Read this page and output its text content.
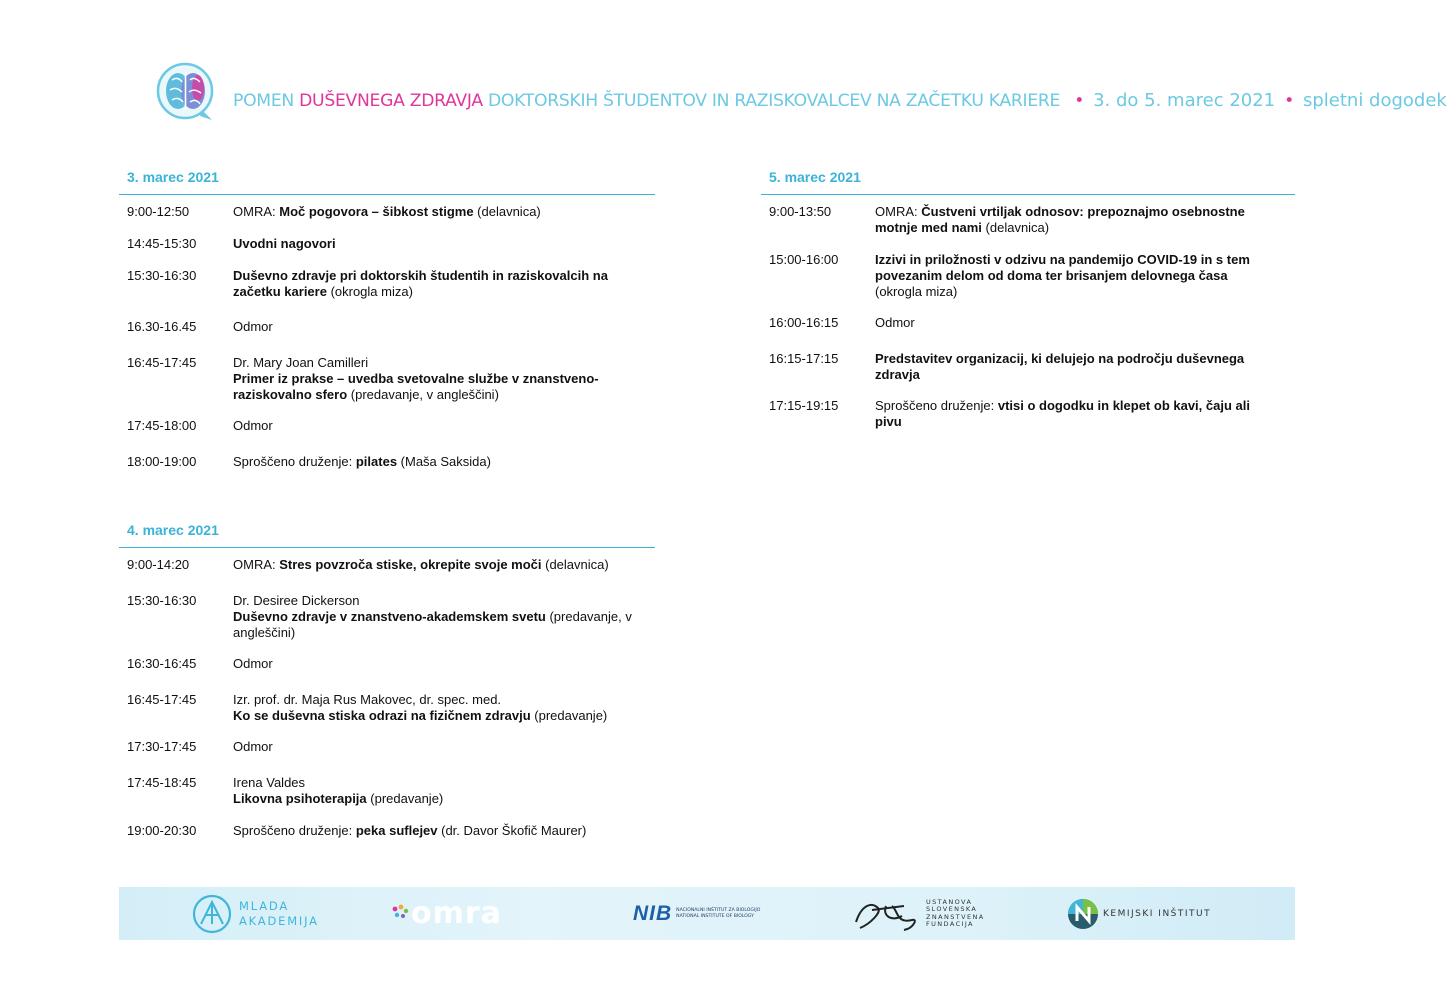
POMEN DUŠEVNEGA ZDRAVJA DOKTORSKIH ŠTUDENTOV IN RAZISKOVALCEV NA ZAČETKU KARIERE • 3. do 5. marec 2021 • spletni dogodek
3. marec 2021
9:00-12:50	OMRA: Moč pogovora – šibkost stigme (delavnica)
14:45-15:30	Uvodni nagovori
15:30-16:30	Duševno zdravje pri doktorskih študentih in raziskovalcih na začetku kariere (okrogla miza)
16.30-16.45	Odmor
16:45-17:45	Dr. Mary Joan Camilleri
Primer iz prakse – uvedba svetovalne službe v znanstveno-raziskovalno sfero (predavanje, v angleščini)
17:45-18:00	Odmor
18:00-19:00	Sproščeno druženje: pilates (Maša Saksida)
4. marec 2021
9:00-14:20	OMRA: Stres povzroča stiske, okrepite svoje moči (delavnica)
15:30-16:30	Dr. Desiree Dickerson
Duševno zdravje v znanstveno-akademskem svetu (predavanje, v angleščini)
16:30-16:45	Odmor
16:45-17:45	Izr. prof. dr. Maja Rus Makovec, dr. spec. med.
Ko se duševna stiska odrazi na fizičnem zdravju (predavanje)
17:30-17:45	Odmor
17:45-18:45	Irena Valdes
Likovna psihoterapija (predavanje)
19:00-20:30	Sproščeno druženje: peka suflejev (dr. Davor Škofič Maurer)
5. marec 2021
9:00-13:50	OMRA: Čustveni vrtiljak odnosov: prepoznajmo osebnostne motnje med nami (delavnica)
15:00-16:00	Izzivi in priložnosti v odzivu na pandemijo COVID-19 in s tem povezanim delom od doma ter brisanjem delovnega časa (okrogla miza)
16:00-16:15	Odmor
16:15-17:15	Predstavitev organizacij, ki delujejo na področju duševnega zdravja
17:15-19:15	Sproščeno druženje: vtisi o dogodku in klepet ob kavi, čaju ali pivu
MLADA
AKADEMIJA	omra	NIB NACIONALNI INŠTITUT ZA BIOLOGIJO
NATIONAL INSTITUTE OF BIOLOGY
USTANOVA
SLOVENSKA
ZNANSTVENA
FUNDACIJA
KEMIJSKI INŠTITUT
